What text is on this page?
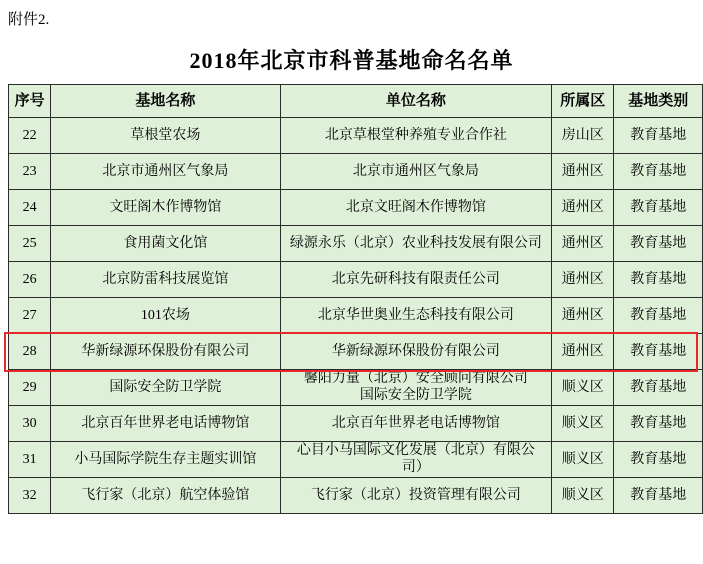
附件2.
2018年北京市科普基地命名名单
序号	基地名称	单位名称	所属区	基地类别
22	草根堂农场	北京草根堂种养殖专业合作社	房山区	教育基地
23	北京市通州区气象局	北京市通州区气象局	通州区	教育基地
24	文旺阁木作博物馆	北京文旺阁木作博物馆	通州区	教育基地
25	食用菌文化馆	绿源永乐（北京）农业科技发展有限公司	通州区	教育基地
26	北京防雷科技展览馆	北京先研科技有限责任公司	通州区	教育基地
27	101农场	北京华世奥业生态科技有限公司	通州区	教育基地
28	华新绿源环保股份有限公司	华新绿源环保股份有限公司	通州区	教育基地
29	国际安全防卫学院	馨阳力量（北京）安全顾问有限公司
国际安全防卫学院	顺义区	教育基地
30	北京百年世界老电话博物馆	北京百年世界老电话博物馆	顺义区	教育基地
31	小马国际学院生存主题实训馆	心目小马国际文化发展（北京）有限公
司）	顺义区	教育基地
32	飞行家（北京）航空体验馆	飞行家（北京）投资管理有限公司	顺义区	教育基地
